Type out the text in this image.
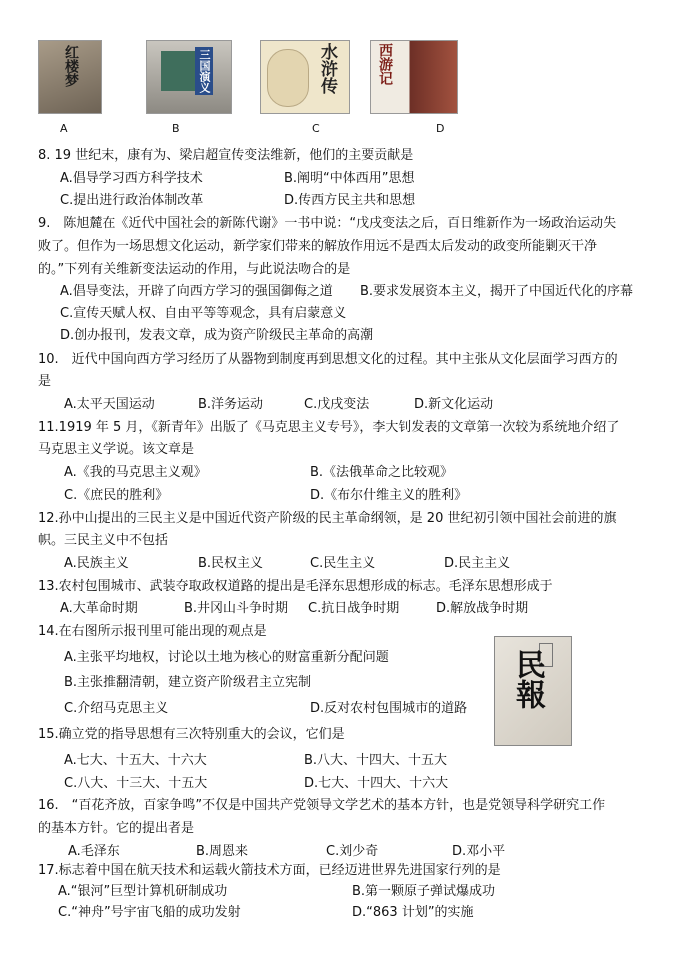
红楼梦	三国演义	水浒传	西游记
A	B	C	D
8. 19 世纪末，康有为、梁启超宣传变法维新，他们的主要贡献是
A.倡导学习西方科学技术	B.阐明“中体西用”思想
C.提出进行政治体制改革	D.传西方民主共和思想
9.　陈旭麓在《近代中国社会的新陈代谢》一书中说：“戊戌变法之后，百日维新作为一场政治运动失
败了。但作为一场思想文化运动，新学家们带来的解放作用远不是西太后发动的政变所能剿灭干净
的。”下列有关维新变法运动的作用，与此说法吻合的是
A.倡导变法，开辟了向西方学习的强国御侮之道 B.要求发展资本主义，揭开了中国近代化的序幕
C.宣传天赋人权、自由平等等观念，具有启蒙意义
D.创办报刊，发表文章，成为资产阶级民主革命的高潮
10.　近代中国向西方学习经历了从器物到制度再到思想文化的过程。其中主张从文化层面学习西方的
是
A.太平天国运动	B.洋务运动	C.戊戌变法	D.新文化运动
11.1919 年 5 月，《新青年》出版了《马克思主义专号》，李大钊发表的文章第一次较为系统地介绍了
马克思主义学说。该文章是
A.《我的马克思主义观》	B.《法俄革命之比较观》
C.《庶民的胜利》	D.《布尔什维主义的胜利》
12.孙中山提出的三民主义是中国近代资产阶级的民主革命纲领，是 20 世纪初引领中国社会前进的旗
帜。三民主义中不包括
A.民族主义	B.民权主义	C.民生主义	D.民主主义
13.农村包围城市、武装夺取政权道路的提出是毛泽东思想形成的标志。毛泽东思想形成于
A.大革命时期	B.井冈山斗争时期 C.抗日战争时期	D.解放战争时期
14.在右图所示报刊里可能出现的观点是
A.主张平均地权，讨论以土地为核心的财富重新分配问题
B.主张推翻清朝，建立资产阶级君主立宪制
C.介绍马克思主义	D.反对农村包围城市的道路 民報
15.确立党的指导思想有三次特别重大的会议，它们是
A.七大、十五大、十六大	B.八大、十四大、十五大
C.八大、十三大、十五大	D.七大、十四大、十六大
16.　“百花齐放，百家争鸣”不仅是中国共产党领导文学艺术的基本方针，也是党领导科学研究工作
的基本方针。它的提出者是
A.毛泽东	B.周恩来	C.刘少奇	D.邓小平
17.标志着中国在航天技术和运载火箭技术方面，已经迈进世界先进国家行列的是
A.“银河”巨型计算机研制成功	B.第一颗原子弹试爆成功
C.“神舟”号宇宙飞船的成功发射	D.“863 计划”的实施
